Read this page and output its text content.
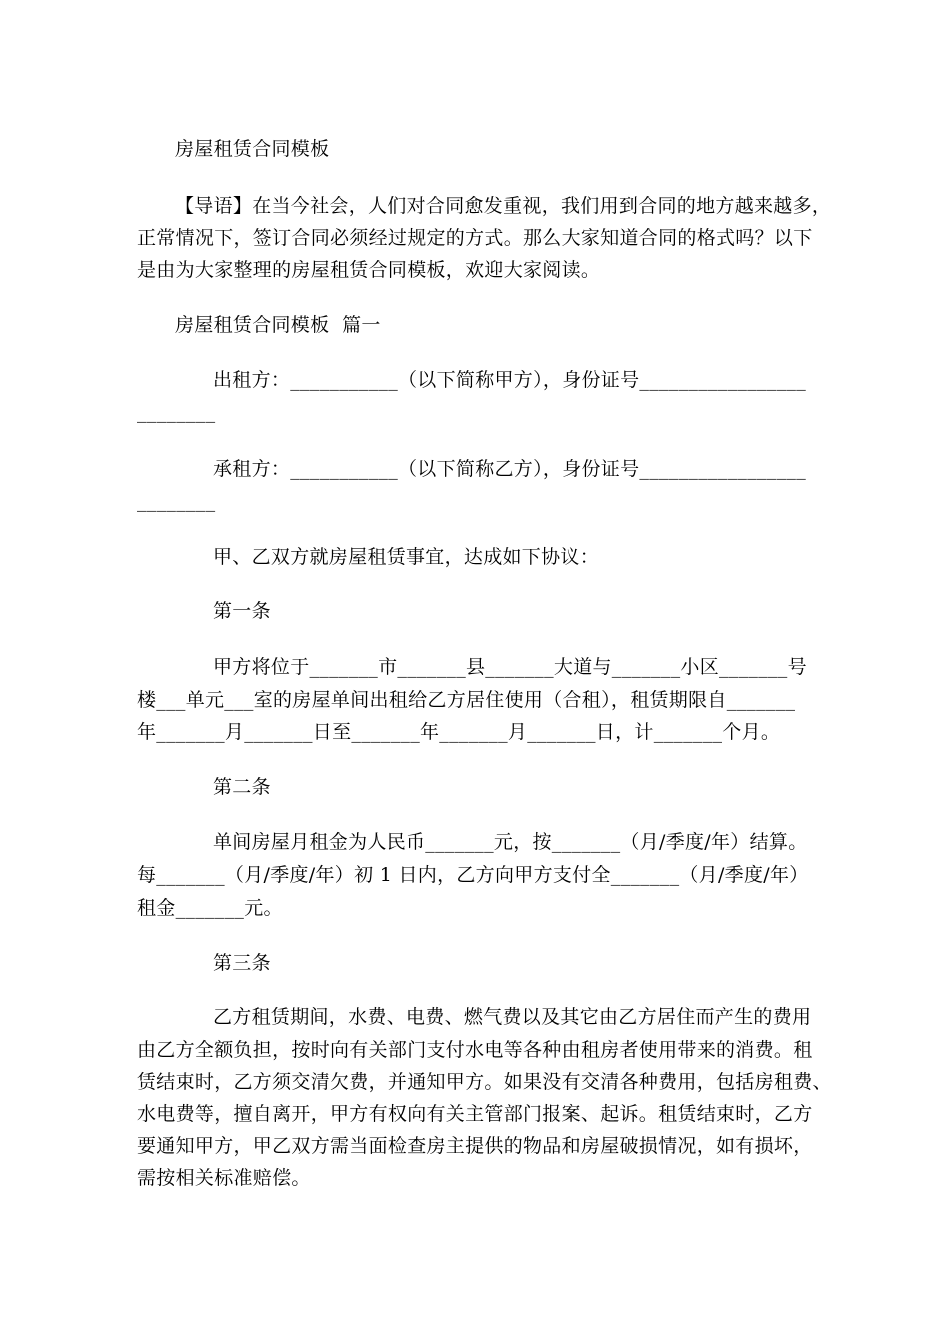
房屋租赁合同模板
【导语】在当今社会，人们对合同愈发重视，我们用到合同的地方越来越多，
正常情况下，签订合同必须经过规定的方式。那么大家知道合同的格式吗？以下
是由为大家整理的房屋租赁合同模板，欢迎大家阅读。
房屋租赁合同模板  篇一
出租方：___________（以下简称甲方），身份证号_________________
________
承租方：___________（以下简称乙方），身份证号_________________
________
甲、乙双方就房屋租赁事宜，达成如下协议：
第一条
甲方将位于_______市_______县_______大道与_______小区_______号
楼___单元___室的房屋单间出租给乙方居住使用（合租），租赁期限自_______
年_______月_______日至_______年_______月_______日，计_______个月。
第二条
单间房屋月租金为人民币_______元，按_______（月/季度/年）结算。
每_______（月/季度/年）初 1 日内，乙方向甲方支付全_______（月/季度/年）
租金_______元。
第三条
乙方租赁期间，水费、电费、燃气费以及其它由乙方居住而产生的费用
由乙方全额负担，按时向有关部门支付水电等各种由租房者使用带来的消费。租
赁结束时，乙方须交清欠费，并通知甲方。如果没有交清各种费用，包括房租费、
水电费等，擅自离开，甲方有权向有关主管部门报案、起诉。租赁结束时，乙方
要通知甲方，甲乙双方需当面检查房主提供的物品和房屋破损情况，如有损坏，
需按相关标准赔偿。
